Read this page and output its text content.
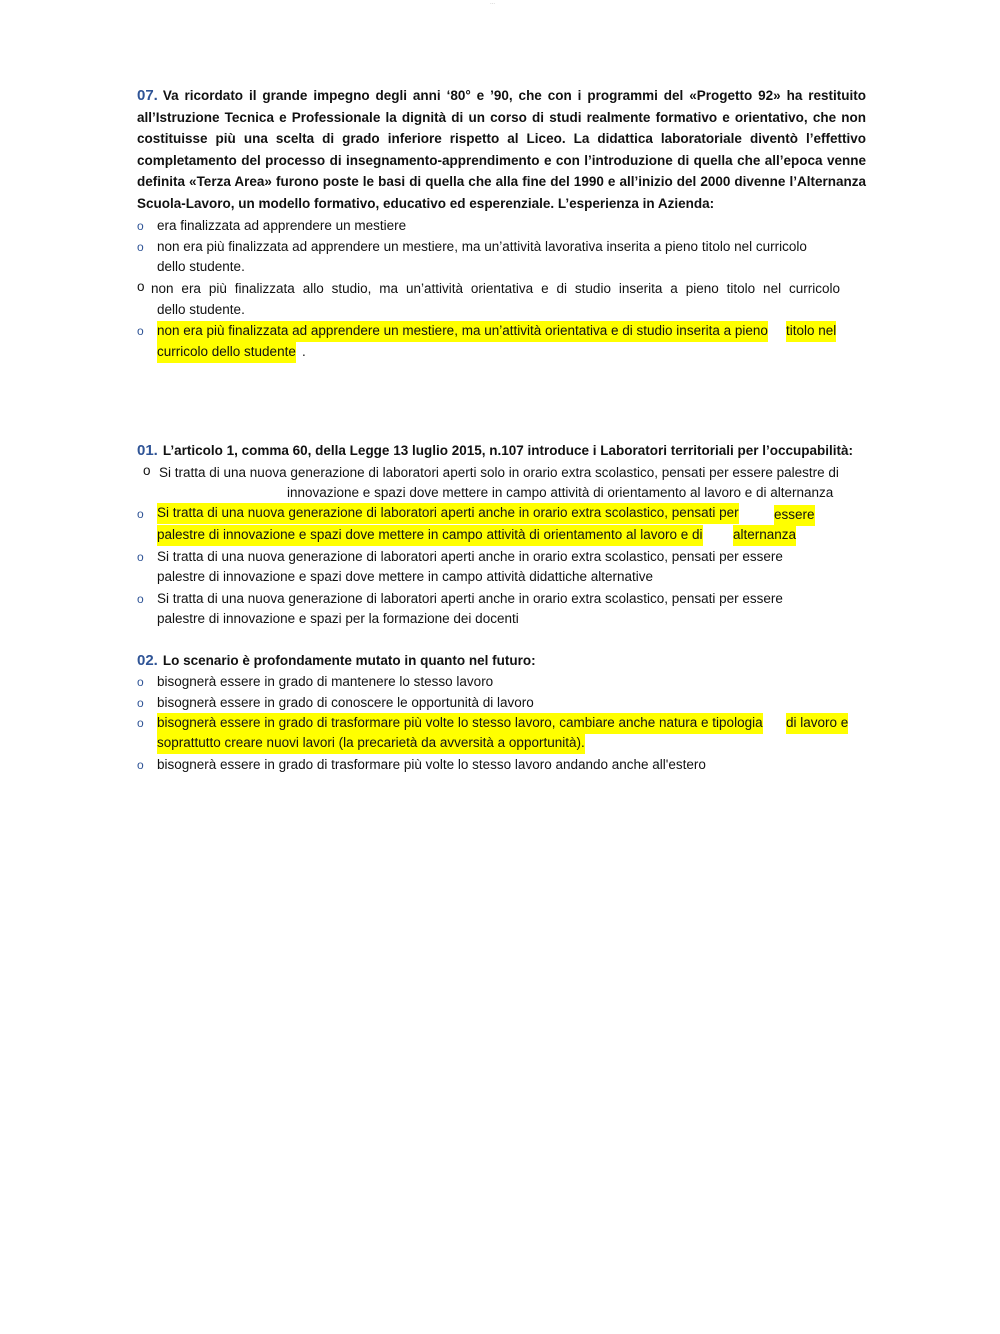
...

07. Va ricordato il grande impegno degli anni ‘80° e ’90, che con i programmi del «Progetto 92» ha restituito all’Istruzione Tecnica e Professionale la dignità di un corso di studi realmente formativo e orientativo, che non costituisse più una scelta di grado inferiore rispetto al Liceo. La didattica laboratoriale diventò l’effettivo completamento del processo di insegnamento-apprendimento e con l’introduzione di quella che all’epoca venne definita «Terza Area» furono poste le basi di quella che alla fine del 1990 e all’inizio del 2000 divenne l’Alternanza Scuola-Lavoro, un modello formativo, educativo ed esperenziale. L’esperienza in Azienda:

o era finalizzata ad apprendere un mestiere
o non era più finalizzata ad apprendere un mestiere, ma un’attività lavorativa inserita a pieno titolo nel curricolo
dello studente.
o non era più finalizzata allo studio, ma un’attività orientativa e di studio inserita a pieno titolo nel curricolo
dello studente.
o non era più finalizzata ad apprendere un mestiere, ma un’attività orientativa e di studio inserita a pieno titolo nel
curricolo dello studente .

01. L’articolo 1, comma 60, della Legge 13 luglio 2015, n.107 introduce i Laboratori territoriali per l’occupabilità:

o Si tratta di una nuova generazione di laboratori aperti solo in orario extra scolastico, pensati per essere palestre di
innovazione e spazi dove mettere in campo attività di orientamento al lavoro e di alternanza
o Si tratta di una nuova generazione di laboratori aperti anche in orario extra scolastico, pensati per	essere
palestre di innovazione e spazi dove mettere in campo attività di orientamento al lavoro e di alternanza
o Si tratta di una nuova generazione di laboratori aperti anche in orario extra scolastico, pensati per essere
palestre di innovazione e spazi dove mettere in campo attività didattiche alternative
o Si tratta di una nuova generazione di laboratori aperti anche in orario extra scolastico, pensati per essere
palestre di innovazione e spazi per la formazione dei docenti

02. Lo scenario è profondamente mutato in quanto nel futuro:

o bisognerà essere in grado di mantenere lo stesso lavoro
o bisognerà essere in grado di conoscere le opportunità di lavoro
o bisognerà essere in grado di trasformare più volte lo stesso lavoro, cambiare anche natura e tipologia di lavoro e
soprattutto creare nuovi lavori (la precarietà da avversità a opportunità).
o bisognerà essere in grado di trasformare più volte lo stesso lavoro andando anche all'estero
